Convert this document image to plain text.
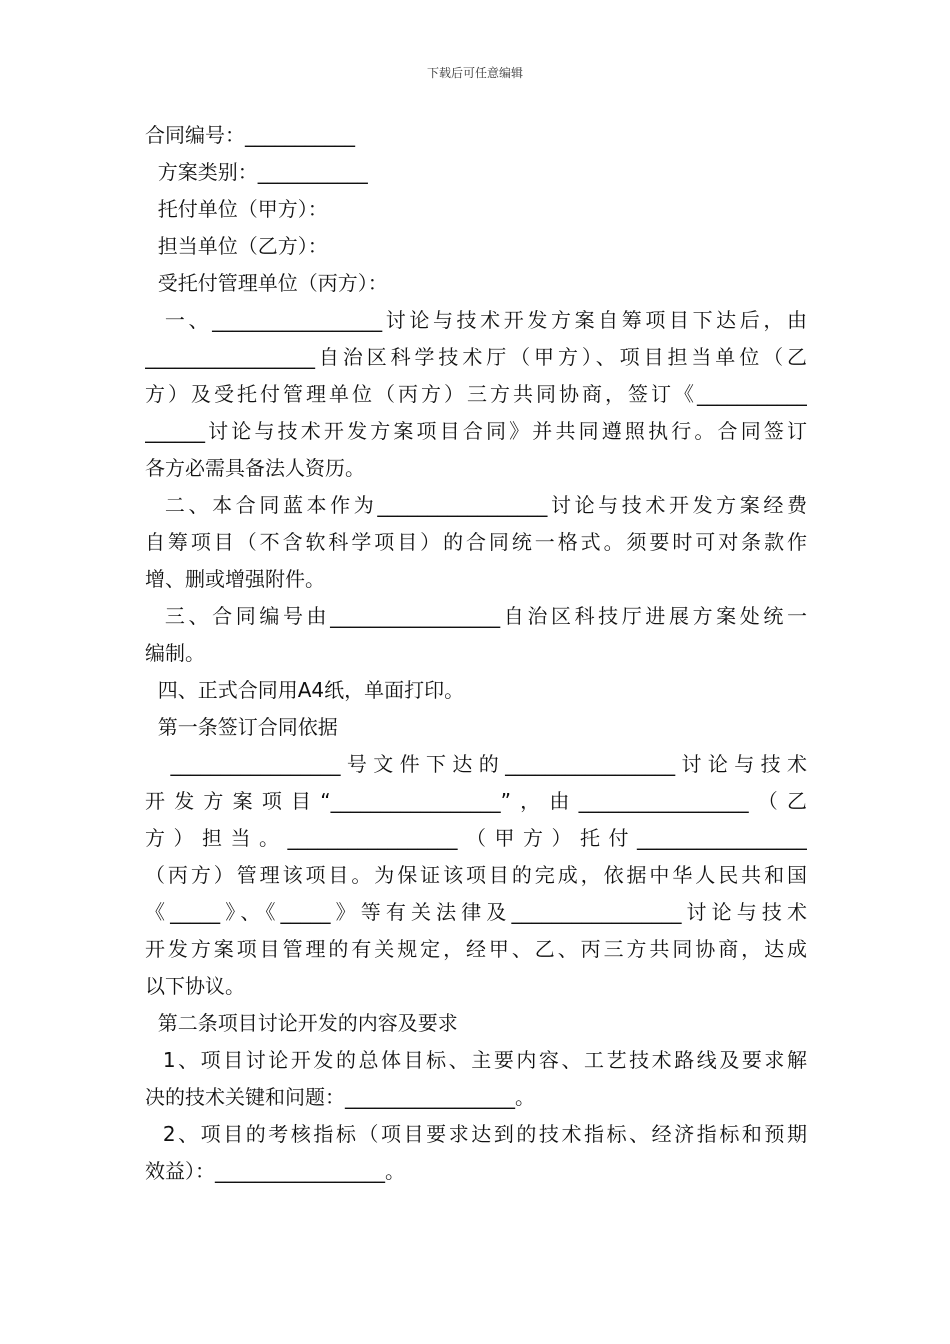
下载后可任意编辑
合同编号：___________
方案类别：___________
托付单位（甲方）：
担当单位（乙方）：
受托付管理单位（丙方）：
一、_________________讨论与技术开发方案自筹项目下达后，由
_________________自治区科学技术厅（甲方）、项目担当单位（乙
方）及受托付管理单位（丙方）三方共同协商，签订《___________
______讨论与技术开发方案项目合同》并共同遵照执行。合同签订
各方必需具备法人资历。
二、本合同蓝本作为_________________讨论与技术开发方案经费
自筹项目（不含软科学项目）的合同统一格式。须要时可对条款作
增、删或增强附件。
三、合同编号由_________________自治区科技厅进展方案处统一
编制。
四、正式合同用A4纸，单面打印。
第一条签订合同依据
_________________号文件下达的_________________讨论与技术
开发方案项目“_________________”，由_________________（乙
方）担当。_________________（甲方）托付_________________
（丙方）管理该项目。为保证该项目的完成，依据中华人民共和国
《_____》、《_____》等有关法律及_________________讨论与技术
开发方案项目管理的有关规定，经甲、乙、丙三方共同协商，达成
以下协议。
第二条项目讨论开发的内容及要求
1、项目讨论开发的总体目标、主要内容、工艺技术路线及要求解
决的技术关键和问题：_________________。
2、项目的考核指标（项目要求达到的技术指标、经济指标和预期
效益）：_________________。
